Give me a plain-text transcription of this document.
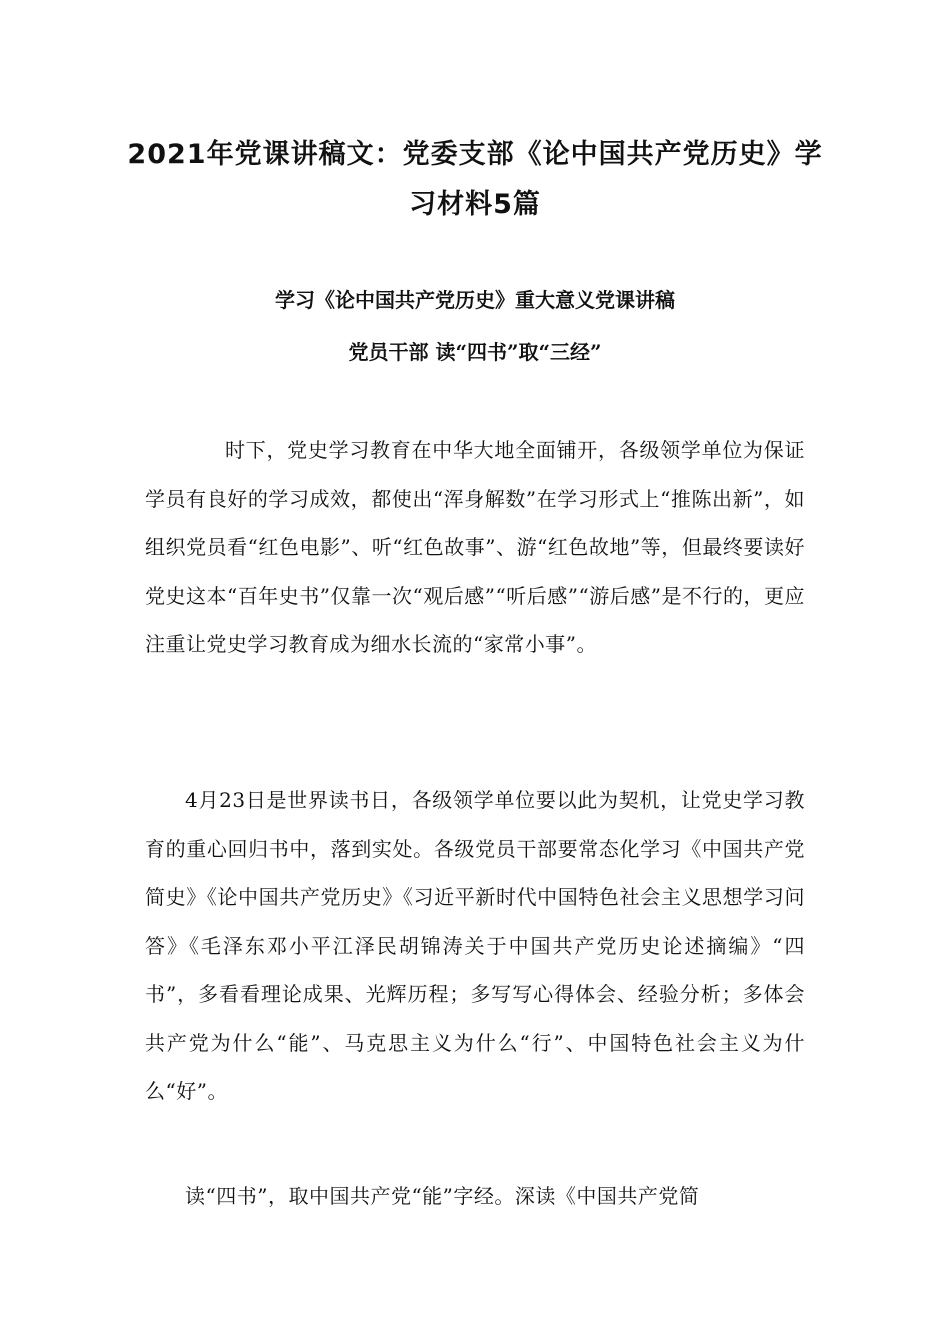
2021年党课讲稿文：党委支部《论中国共产党历史》学习材料5篇

学习《论中国共产党历史》重大意义党课讲稿

党员干部 读“四书”取“三经”

时下，党史学习教育在中华大地全面铺开，各级领学单位为保证学员有良好的学习成效，都使出“浑身解数”在学习形式上“推陈出新”，如组织党员看“红色电影”、听“红色故事”、游“红色故地”等，但最终要读好党史这本“百年史书”仅靠一次“观后感”“听后感”“游后感”是不行的，更应注重让党史学习教育成为细水长流的“家常小事”。

4月23日是世界读书日，各级领学单位要以此为契机，让党史学习教育的重心回归书中，落到实处。各级党员干部要常态化学习《中国共产党简史》《论中国共产党历史》《习近平新时代中国特色社会主义思想学习问答》《毛泽东邓小平江泽民胡锦涛关于中国共产党历史论述摘编》“四书”，多看看理论成果、光辉历程；多写写心得体会、经验分析；多体会共产党为什么“能”、马克思主义为什么“行”、中国特色社会主义为什么“好”。

读“四书”，取中国共产党“能”字经。深读《中国共产党简
